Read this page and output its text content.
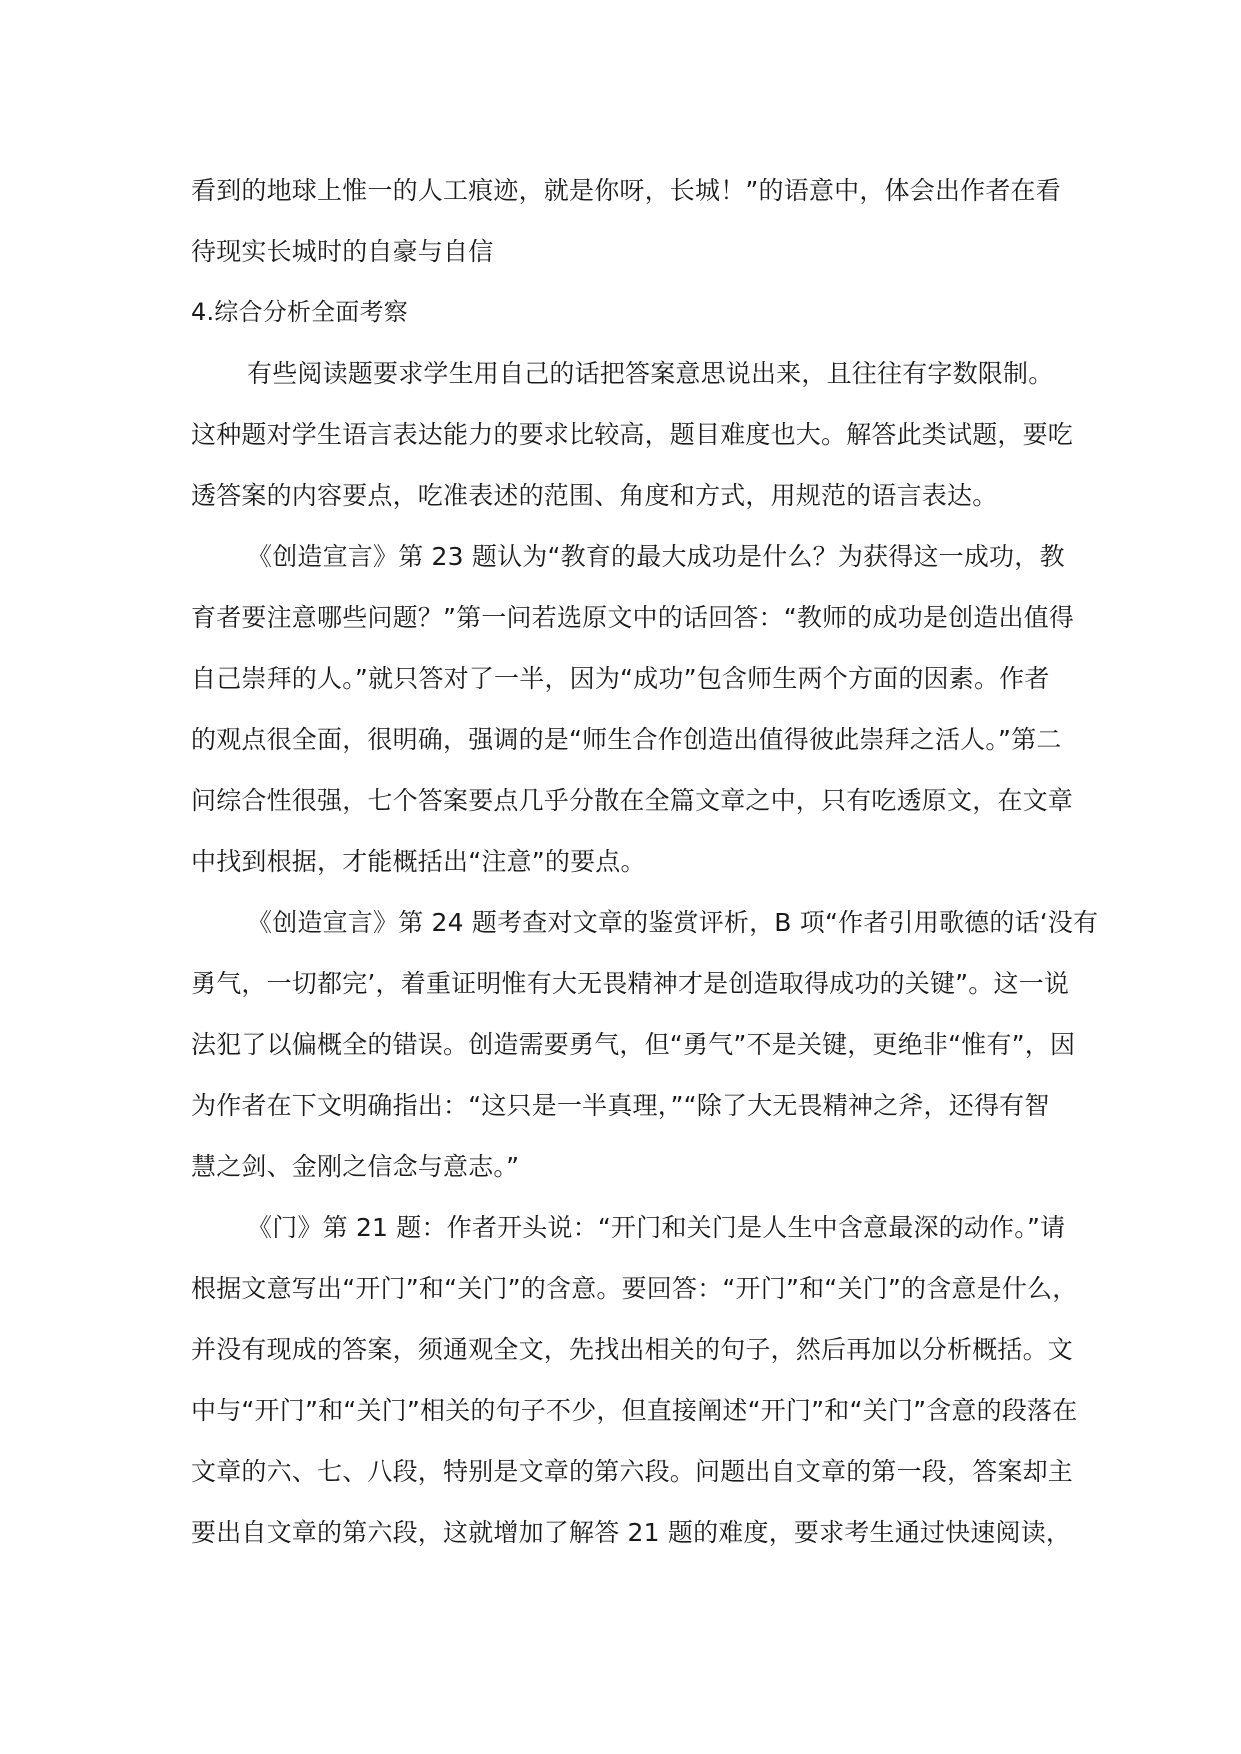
看到的地球上惟一的人工痕迹，就是你呀，长城！”的语意中，体会出作者在看
待现实长城时的自豪与自信
4.综合分析全面考察
有些阅读题要求学生用自己的话把答案意思说出来，且往往有字数限制。
这种题对学生语言表达能力的要求比较高，题目难度也大。解答此类试题，要吃
透答案的内容要点，吃准表述的范围、角度和方式，用规范的语言表达。
《创造宣言》第 23 题认为“教育的最大成功是什么？为获得这一成功，教
育者要注意哪些问题？”第一问若选原文中的话回答：“教师的成功是创造出值得
自己崇拜的人。”就只答对了一半，因为“成功”包含师生两个方面的因素。作者
的观点很全面，很明确，强调的是“师生合作创造出值得彼此崇拜之活人。”第二
问综合性很强，七个答案要点几乎分散在全篇文章之中，只有吃透原文，在文章
中找到根据，才能概括出“注意”的要点。
《创造宣言》第 24 题考查对文章的鉴赏评析，B 项“作者引用歌德的话‘没有
勇气，一切都完’，着重证明惟有大无畏精神才是创造取得成功的关键”。这一说
法犯了以偏概全的错误。创造需要勇气，但“勇气”不是关键，更绝非“惟有”，因
为作者在下文明确指出：“这只是一半真理，”“除了大无畏精神之斧，还得有智
慧之剑、金刚之信念与意志。”
《门》第 21 题：作者开头说：“开门和关门是人生中含意最深的动作。”请
根据文意写出“开门”和“关门”的含意。要回答：“开门”和“关门”的含意是什么，
并没有现成的答案，须通观全文，先找出相关的句子，然后再加以分析概括。文
中与“开门”和“关门”相关的句子不少，但直接阐述“开门”和“关门”含意的段落在
文章的六、七、八段，特别是文章的第六段。问题出自文章的第一段，答案却主
要出自文章的第六段，这就增加了解答 21 题的难度，要求考生通过快速阅读，
